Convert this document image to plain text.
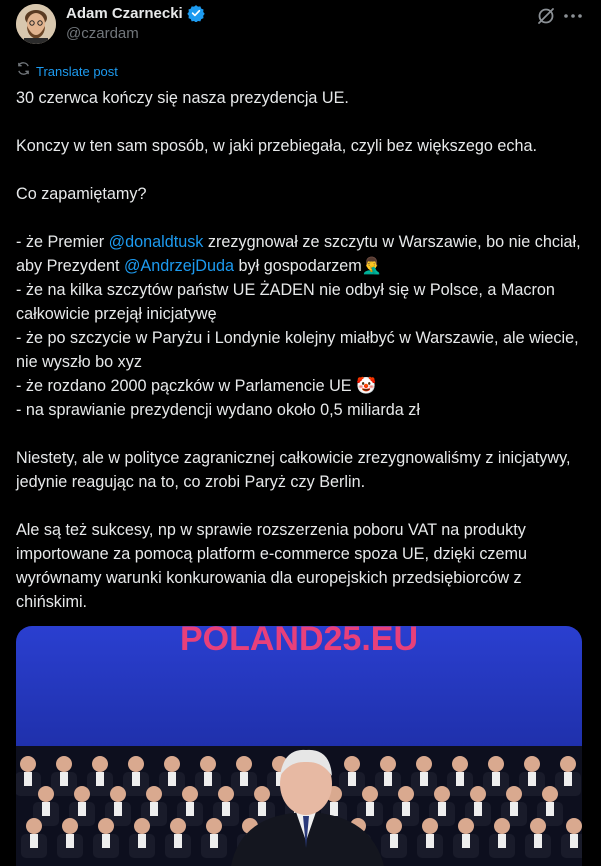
Adam Czarnecki
@czardam
Translate post

30 czerwca kończy się nasza prezydencja UE.

Konczy w ten sam sposób, w jaki przebiegała, czyli bez większego echa.

Co zapamiętamy?

- że Premier @donaldtusk zrezygnował ze szczytu w Warszawie, bo nie chciał, aby Prezydent @AndrzejDuda był gospodarzem🤦‍♂️

- że na kilka szczytów państw UE ŻADEN nie odbył się w Polsce, a Macron całkowicie przejął inicjatywę

- że po szczycie w Paryżu i Londynie kolejny miałbyć w Warszawie, ale wiecie, nie wyszło bo xyz

- że rozdano 2000 pączków w Parlamencie UE 🤡

- na sprawianie prezydencji wydano około 0,5 miliarda zł

Niestety, ale w polityce zagranicznej całkowicie zrezygnowaliśmy z inicjatywy, jedynie reagując na to, co zrobi Paryż czy Berlin.

Ale są też sukcesy, np w sprawie rozszerzenia poboru VAT na produkty importowane za pomocą platform e-commerce spoza UE, dzięki czemu wyrównamy warunki konkurowania dla europejskich przedsiębiorców z chińskimi.

POLAND25.EU
